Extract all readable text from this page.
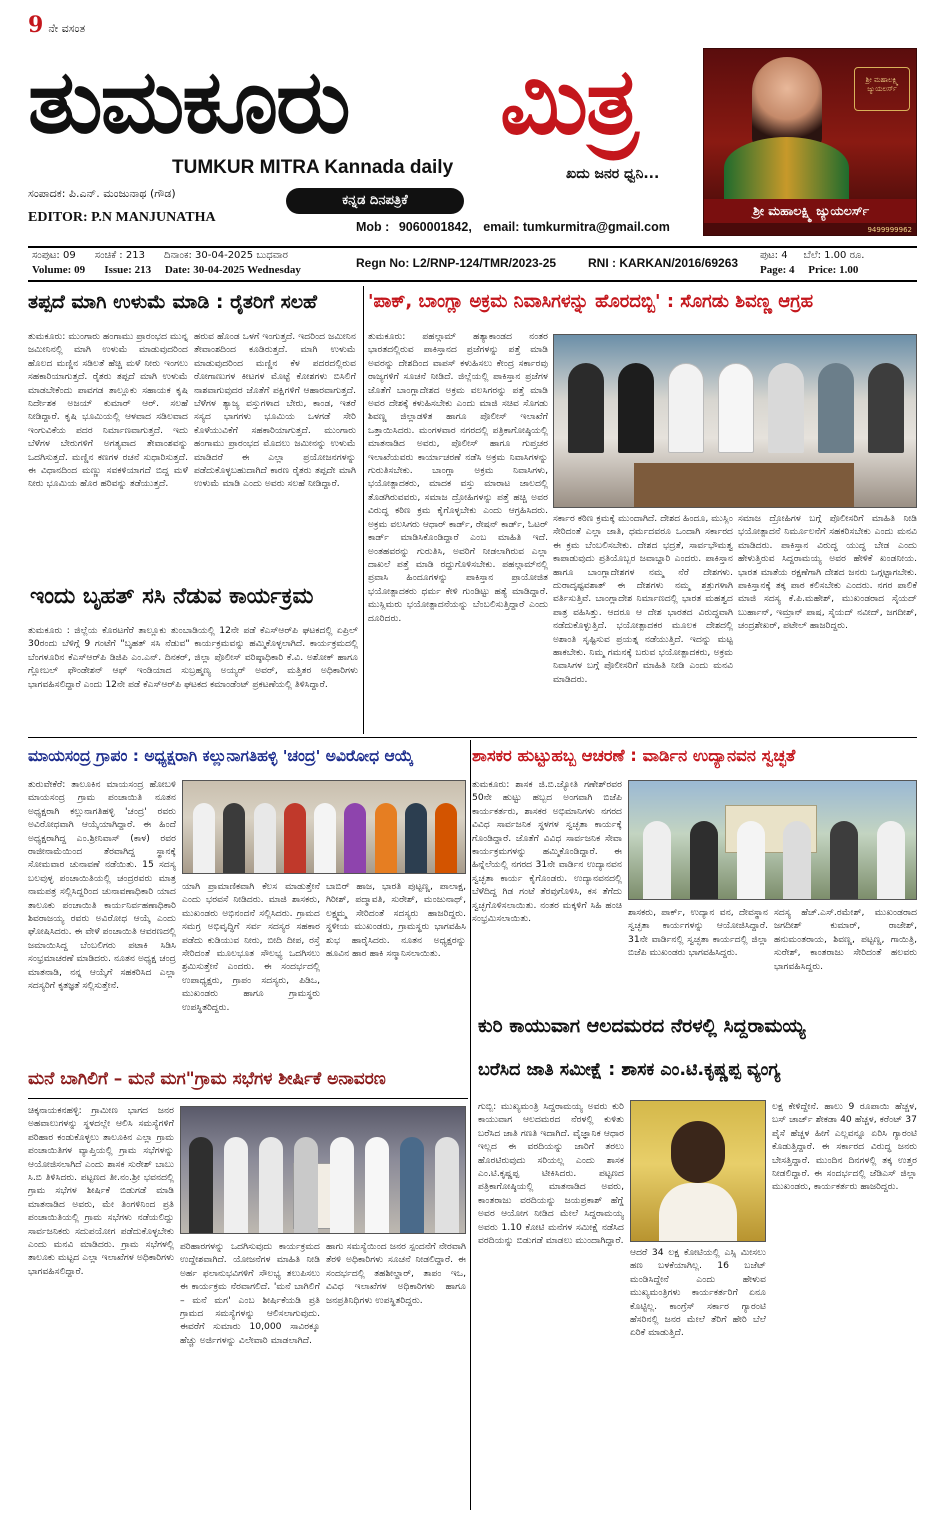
9 ನೇ ವಸಂತ
ತುಮಕೂರು ಮಿತ್ರ
TUMKUR MITRA Kannada daily	ಖದು ಜನರ ಧ್ವನಿ...
ಸಂಪಾದಕ: ಪಿ.ಎನ್. ಮಂಜುನಾಥ (ಗೌಡ)
EDITOR: P.N MANJUNATHA
ಕನ್ನಡ ದಿನಪತ್ರಿಕೆ
Mob : 9060001842, email: tumkurmitra@gmail.com
ಶ್ರೀ ಮಹಾಲಕ್ಷ್ಮಿ ಜ್ಯುಯಲರ್ಸ್
ಶ್ರೀ ಮಹಾಲಕ್ಷ್ಮಿ ಜ್ಯುಯಲರ್ಸ್
9499999962
ಸಂಪುಟ: 09      ಸಂಚಿಕೆ : 213      ದಿನಾಂಕ: 30-04-2025 ಬುಧವಾರ
Volume: 09       Issue: 213     Date: 30-04-2025 Wednesday	Regn No: L2/RNP-124/TMR/2023-25	RNI : KARKAN/2016/69263
ಪುಟ: 4     ಬೆಲೆ: 1.00 ರೂ.
Page: 4     Price: 1.00
ತಪ್ಪದೆ ಮಾಗಿ ಉಳುಮೆ ಮಾಡಿ : ರೈತರಿಗೆ ಸಲಹೆ
ತುಮಕೂರು: ಮುಂಗಾರು ಹಂಗಾಮು ಪ್ರಾರಂಭದ ಮುನ್ನ ಜಮೀನಿನಲ್ಲಿ ಮಾಗಿ ಉಳುಮೆ ಮಾಡುವುದರಿಂದ ಹೊಲದ ಮಣ್ಣಿನ ಸಡಿಲತೆ ಹೆಚ್ಚಿ ಮಳೆ ನೀರು ಇಂಗಲು ಸಹಕಾರಿಯಾಗುತ್ತದೆ. ರೈತರು ತಪ್ಪದೆ ಮಾಗಿ ಉಳುಮೆ ಮಾಡಬೇಕೆಂದು ಪಾವಗಡ ತಾಲ್ಲೂಕು ಸಹಾಯಕ ಕೃಷಿ ನಿರ್ದೇಶಕ ಅಜಯ್ ಕುಮಾರ್ ಆರ್. ಸಲಹೆ ನೀಡಿದ್ದಾರೆ. ಕೃಷಿ ಭೂಮಿಯಲ್ಲಿ ಆಳವಾದ ಸಡಿಲವಾದ ಇಂಗುವಿಕೆಯ ಪದರ ನಿರ್ಮಾಣವಾಗುತ್ತದೆ. ಇದು ಬೆಳೆಗಳ ಬೇರುಗಳಿಗೆ ಅಗತ್ಯವಾದ ತೇವಾಂಶವನ್ನು ಒದಗಿಸುತ್ತದೆ. ಮಣ್ಣಿನ ಕಣಗಳ ರಚನೆ ಸುಧಾರಿಸುತ್ತದೆ. ಈ ವಿಧಾನದಿಂದ ಮಣ್ಣು ಸವಕಳಿಯಾಗದೆ ಬಿದ್ದ ಮಳೆ ನೀರು ಭೂಮಿಯ ಹೊರ ಹರಿವನ್ನು ತಡೆಯುತ್ತದೆ.
ಹರುವ ಹೊಂಡ ಒಳಗೆ ಇಂಗುತ್ತದೆ. ಇದರಿಂದ ಜಮೀನಿನ ತೇವಾಂಶದಿಂದ ಕೂಡಿರುತ್ತದೆ. ಮಾಗಿ ಉಳುಮೆ ಮಾಡುವುದರಿಂದ ಮಣ್ಣಿನ ಕೆಳ ಪದರದಲ್ಲಿರುವ ರೋಗಾಣುಗಳ ಕೀಟಗಳ ಮೊಟ್ಟೆ ಕೋಶಗಳು ಬಿಸಿಲಿಗೆ ನಾಶವಾಗುವುದರ ಜೊತೆಗೆ ಪಕ್ಷಿಗಳಿಗೆ ಆಹಾರವಾಗುತ್ತದೆ. ಬೆಳೆಗಳ ತ್ಯಾಜ್ಯ ವಸ್ತುಗಳಾದ ಬೇರು, ಕಾಂಡ, ಇತರೆ ಸಸ್ಯದ ಭಾಗಗಳು ಭೂಮಿಯ ಒಳಗಡೆ ಸೇರಿ ಕೊಳೆಯುವಿಕೆಗೆ ಸಹಕಾರಿಯಾಗುತ್ತದೆ. ಮುಂಗಾರು ಹಂಗಾಮು ಪ್ರಾರಂಭದ ಮೊದಲು ಜಮೀನನ್ನು ಉಳುಮೆ ಮಾಡಿದರೆ ಈ ಎಲ್ಲಾ ಪ್ರಯೋಜನಗಳನ್ನು ಪಡೆದುಕೊಳ್ಳಬಹುದಾಗಿದೆ ಕಾರಣ ರೈತರು ತಪ್ಪದೇ ಮಾಗಿ ಉಳುಮೆ ಮಾಡಿ ಎಂದು ಅವರು ಸಲಹೆ ನೀಡಿದ್ದಾರೆ.
ಇಂದು ಬೃಹತ್ ಸಸಿ ನೆಡುವ ಕಾರ್ಯಕ್ರಮ
ತುಮಕೂರು : ಜಿಲ್ಲೆಯ ಕೊರಟಗೆರೆ ತಾಲ್ಲೂಕು ತುಂಬಾಡಿಯಲ್ಲಿ 12ನೇ ಪಡೆ ಕೆಎಸ್‌ಆರ್‌ಪಿ ಘಟಕದಲ್ಲಿ ಏಪ್ರಿಲ್ 30ರಂದು ಬೆಳಿಗ್ಗೆ 9 ಗಂಟೆಗೆ "ಬೃಹತ್ ಸಸಿ ನೆಡುವ" ಕಾರ್ಯಕ್ರಮವನ್ನು ಹಮ್ಮಿಕೊಳ್ಳಲಾಗಿದೆ. ಕಾರ್ಯಕ್ರಮದಲ್ಲಿ ಬೆಂಗಳೂರಿನ ಕೆಎಸ್‌ಆರ್‌ಪಿ ಡಿಜಿಪಿ ಎಂ.ಎನ್. ದಿನಕರ್, ಜಿಲ್ಲಾ ಪೊಲೀಸ್ ವರಿಷ್ಠಾಧಿಕಾರಿ ಕೆ.ವಿ. ಅಶೋಕ್ ಹಾಗೂ ಗ್ಲೋಬಲ್ ಫೌಂಡೇಶನ್ ಆಫ್ ಇಂಡಿಯಾದ ಸುಬ್ರಹ್ಮಣ್ಯ ಅಯ್ಯರ್ ಅವರ್, ಮತ್ತಿತರ ಅಧಿಕಾರಿಗಳು ಭಾಗವಹಿಸಲಿದ್ದಾರೆ ಎಂದು 12ನೇ ಪಡೆ ಕೆಎಸ್‌ಆರ್‌ಪಿ ಘಟಕದ ಕಮಾಂಡೆಂಟ್ ಪ್ರಕಟಣೆಯಲ್ಲಿ ತಿಳಿಸಿದ್ದಾರೆ.
'ಪಾಕ್, ಬಾಂಗ್ಲಾ ಅಕ್ರಮ ನಿವಾಸಿಗಳನ್ನು ಹೊರದಬ್ಬಿ' : ಸೊಗಡು ಶಿವಣ್ಣ ಆಗ್ರಹ
ತುಮಕೂರು: ಪಹಲ್ಗಾಮ್ ಹತ್ಯಾಕಾಂಡದ ನಂತರ ಭಾರತದಲ್ಲಿರುವ ಪಾಕಿಸ್ತಾನದ ಪ್ರಜೆಗಳನ್ನು ಪತ್ತೆ ಮಾಡಿ ಅವರನ್ನು ದೇಶದಿಂದ ವಾಪಸ್ ಕಳುಹಿಸಲು ಕೇಂದ್ರ ಸರ್ಕಾರವು ರಾಜ್ಯಗಳಿಗೆ ಸೂಚನೆ ನೀಡಿದೆ. ಜಿಲ್ಲೆಯಲ್ಲಿ ಪಾಕಿಸ್ತಾನ ಪ್ರಜೆಗಳ ಜೊತೆಗೆ ಬಾಂಗ್ಲಾದೇಶದ ಅಕ್ರಮ ವಲಸಿಗರನ್ನು ಪತ್ತೆ ಮಾಡಿ ಅವರ ದೇಶಕ್ಕೆ ಕಳುಹಿಸಬೇಕು ಎಂದು ಮಾಜಿ ಸಚಿವ ಸೊಗಡು ಶಿವಣ್ಣ ಜಿಲ್ಲಾಡಳಿತ ಹಾಗೂ ಪೊಲೀಸ್ ಇಲಾಖೆಗೆ ಒತ್ತಾಯಿಸಿದರು. ಮಂಗಳವಾರ ನಗರದಲ್ಲಿ ಪತ್ರಿಕಾಗೋಷ್ಠಿಯಲ್ಲಿ ಮಾತನಾಡಿದ ಅವರು, ಪೊಲೀಸ್ ಹಾಗೂ ಗುಪ್ತಚರ ಇಲಾಖೆಯವರು ಕಾರ್ಯಾಚರಣೆ ನಡೆಸಿ ಅಕ್ರಮ ನಿವಾಸಿಗಳನ್ನು ಗುರುತಿಸಬೇಕು. ಬಾಂಗ್ಲಾ ಅಕ್ರಮ ನಿವಾಸಿಗಳು, ಭಯೋತ್ಪಾದಕರು, ಮಾದಕ ವಸ್ತು ಮಾರಾಟ ಜಾಲದಲ್ಲಿ ತೊಡಗಿರುವವರು, ಸಮಾಜ ದ್ರೋಹಿಗಳನ್ನು ಪತ್ತೆ ಹಚ್ಚಿ ಅವರ ವಿರುದ್ಧ ಕಠಿಣ ಕ್ರಮ ಕೈಗೊಳ್ಳಬೇಕು ಎಂದು ಆಗ್ರಹಿಸಿದರು. ಅಕ್ರಮ ವಲಸಿಗರು ಆಧಾರ್ ಕಾರ್ಡ್, ರೇಷನ್ ಕಾರ್ಡ್, ಓಟರ್ ಕಾರ್ಡ್ ಮಾಡಿಸಿಕೊಂಡಿದ್ದಾರೆ ಎಂಬ ಮಾಹಿತಿ ಇದೆ. ಅಂತಹವರನ್ನು ಗುರುತಿಸಿ, ಅವರಿಗೆ ನೀಡಲಾಗಿರುವ ಎಲ್ಲಾ ದಾಖಲೆ ಪತ್ತೆ ಮಾಡಿ ರದ್ದುಗೊಳಿಸಬೇಕು. ಪಹಲ್ಗಾಮ್‌ನಲ್ಲಿ ಪ್ರವಾಸಿ ಹಿಂದೂಗಳನ್ನು ಪಾಕಿಸ್ತಾನ ಪ್ರಾಯೋಜಿತ ಭಯೋತ್ಪಾದಕರು ಧರ್ಮ ಕೇಳಿ ಗುಂಡಿಟ್ಟು ಹತ್ಯೆ ಮಾಡಿದ್ದಾರೆ. ಮುಸ್ಲಿಮರು ಭಯೋತ್ಪಾದನೆಯನ್ನು ಬೆಂಬಲಿಸುತ್ತಿದ್ದಾರೆ ಎಂದು ದೂರಿದರು.
ಸರ್ಕಾರ ಕಠಿಣ ಕ್ರಮಕ್ಕೆ ಮುಂದಾಗಿದೆ. ದೇಶದ ಹಿಂದೂ, ಮುಸ್ಲಿಂ ಸೇರಿದಂತೆ ಎಲ್ಲಾ ಜಾತಿ, ಧರ್ಮದವರೂ ಒಂದಾಗಿ ಸರ್ಕಾರದ ಈ ಕ್ರಮ ಬೆಂಬಲಿಸಬೇಕು. ದೇಶದ ಭದ್ರತೆ, ಸಾರ್ವಭೌಮತ್ವ ಕಾಪಾಡುವುದು ಪ್ರತಿಯೊಬ್ಬರ ಜವಾಬ್ದಾರಿ ಎಂದರು. ಪಾಕಿಸ್ತಾನ ಹಾಗೂ ಬಾಂಗ್ಲಾದೇಶಗಳ ನಮ್ಮ ನೆರೆ ದೇಶಗಳು. ದುರಾದೃಷ್ಟವಶಾತ್ ಈ ದೇಶಗಳು ನಮ್ಮ ಶತ್ರುಗಳಾಗಿ ವರ್ತಿಸುತ್ತಿವೆ. ಬಾಂಗ್ಲಾದೇಶ ನಿರ್ಮಾಣದಲ್ಲಿ ಭಾರತ ಮಹತ್ವದ ಪಾತ್ರ ವಹಿಸಿತ್ತು. ಆದರೂ ಆ ದೇಶ ಭಾರತದ ವಿರುದ್ಧವಾಗಿ ನಡೆದುಕೊಳ್ಳುತ್ತಿದೆ. ಭಯೋತ್ಪಾದಕರ ಮೂಲಕ ದೇಶದಲ್ಲಿ ಅಶಾಂತಿ ಸೃಷ್ಟಿಸುವ ಪ್ರಯತ್ನ ನಡೆಯುತ್ತಿದೆ. ಇದನ್ನು ಮಟ್ಟ ಹಾಕಬೇಕು. ನಿಮ್ಮ ಗಮನಕ್ಕೆ ಬರುವ ಭಯೋತ್ಪಾದಕರು, ಅಕ್ರಮ ನಿವಾಸಿಗಳ ಬಗ್ಗೆ ಪೊಲೀಸರಿಗೆ ಮಾಹಿತಿ ನೀಡಿ ಎಂದು ಮನವಿ ಮಾಡಿದರು.
ಸಮಾಜ ದ್ರೋಹಿಗಳ ಬಗ್ಗೆ ಪೊಲೀಸರಿಗೆ ಮಾಹಿತಿ ನೀಡಿ ಭಯೋತ್ಪಾದನೆ ನಿರ್ಮೂಲನೆಗೆ ಸಹಕರಿಸಬೇಕು ಎಂದು ಮನವಿ ಮಾಡಿದರು. ಪಾಕಿಸ್ತಾನ ವಿರುದ್ಧ ಯುದ್ಧ ಬೇಡ ಎಂದು ಹೇಳುತ್ತಿರುವ ಸಿದ್ದರಾಮಯ್ಯ ಅವರ ಹೇಳಿಕೆ ಖಂಡನೀಯ. ಭಾರತ ಮಾತೆಯ ರಕ್ಷಣೆಗಾಗಿ ದೇಶದ ಜನರು ಒಗ್ಗಟ್ಟಾಗಬೇಕು. ಪಾಕಿಸ್ತಾನಕ್ಕೆ ತಕ್ಕ ಪಾಠ ಕಲಿಸಬೇಕು ಎಂದರು. ನಗರ ಪಾಲಿಕೆ ಮಾಜಿ ಸದಸ್ಯ ಕೆ.ಪಿ.ಮಹೇಶ್, ಮುಖಂಡರಾದ ಸೈಯದ್ ಬುರ್ಹಾನ್, ಇಮ್ರಾನ್ ಪಾಷ, ಸೈಯದ್ ನವೀದ್, ಜಗದೀಶ್, ಚಂದ್ರಶೇಖರ್, ಪಟೇಲ್ ಹಾಜರಿದ್ದರು.
ಮಾಯಸಂದ್ರ ಗ್ರಾಪಂ : ಅಧ್ಯಕ್ಷರಾಗಿ ಕಲ್ಲುನಾಗತಿಹಳ್ಳಿ 'ಚಂದ್ರ' ಅವಿರೋಧ ಆಯ್ಕೆ
ತುರುವೇಕೆರೆ: ತಾಲೂಕಿನ ಮಾಯಸಂದ್ರ ಹೋಬಳಿ ಮಾಯಸಂದ್ರ ಗ್ರಾಮ ಪಂಚಾಯಿತಿ ನೂತನ ಅಧ್ಯಕ್ಷರಾಗಿ ಕಲ್ಲುನಾಗತಿಹಳ್ಳಿ 'ಚಂದ್ರ' ರವರು ಅವಿರೋಧವಾಗಿ ಆಯ್ಕೆಯಾಗಿದ್ದಾರೆ. ಈ ಹಿಂದೆ ಅಧ್ಯಕ್ಷರಾಗಿದ್ದ ಎಂ.ಶ್ರೀನಿವಾಸ್ (ಕಾಳ) ರವರ ರಾಜೀನಾಮೆಯಿಂದ ತೆರವಾಗಿದ್ದ ಸ್ಥಾನಕ್ಕೆ ಸೋಮವಾರ ಚುನಾವಣೆ ನಡೆಯಿತು. 15 ಸದಸ್ಯ ಬಲವುಳ್ಳ ಪಂಚಾಯಿತಿಯಲ್ಲಿ ಚಂದ್ರರವರು ಮಾತ್ರ ನಾಮಪತ್ರ ಸಲ್ಲಿಸಿದ್ದರಿಂದ ಚುನಾವಣಾಧಿಕಾರಿ ಯಾದ ತಾಲೂಕು ಪಂಚಾಯಿತಿ ಕಾರ್ಯನಿರ್ವಹಣಾಧಿಕಾರಿ ಶಿವರಾಜಯ್ಯ ರವರು ಅವಿರೋಧ ಆಯ್ಕೆ ಎಂದು ಘೋಷಿಸಿದರು. ಈ ವೇಳೆ ಪಂಚಾಯಿತಿ ಆವರಣದಲ್ಲಿ ಜಮಾಯಿಸಿದ್ದ ಬೆಂಬಲಿಗರು ಪಟಾಕಿ ಸಿಡಿಸಿ ಸಂಭ್ರಮಾಚರಣೆ ಮಾಡಿದರು. ನೂತನ ಅಧ್ಯಕ್ಷ ಚಂದ್ರ ಮಾತನಾಡಿ, ನನ್ನ ಆಯ್ಕೆಗೆ ಸಹಕರಿಸಿದ ಎಲ್ಲಾ ಸದಸ್ಯರಿಗೆ ಕೃತಜ್ಞತೆ ಸಲ್ಲಿಸುತ್ತೇನೆ.
ಯಾಗಿ ಪ್ರಾಮಾಣಿಕವಾಗಿ ಕೆಲಸ ಮಾಡುತ್ತೇನೆ ಎಂದು ಭರವಸೆ ನೀಡಿದರು. ಮಾಜಿ ಶಾಸಕರು, ಮುಖಂಡರು ಅಭಿನಂದನೆ ಸಲ್ಲಿಸಿದರು. ಗ್ರಾಮದ ಸಮಗ್ರ ಅಭಿವೃದ್ಧಿಗೆ ಸರ್ವ ಸದಸ್ಯರ ಸಹಕಾರ ಪಡೆದು ಕುಡಿಯುವ ನೀರು, ಬೀದಿ ದೀಪ, ರಸ್ತೆ ಸೇರಿದಂತೆ ಮೂಲಭೂತ ಸೌಲಭ್ಯ ಒದಗಿಸಲು ಶ್ರಮಿಸುತ್ತೇನೆ ಎಂದರು. ಈ ಸಂದರ್ಭದಲ್ಲಿ ಉಪಾಧ್ಯಕ್ಷರು, ಗ್ರಾಪಂ ಸದಸ್ಯರು, ಪಿಡಿಒ, ಮುಖಂಡರು ಹಾಗೂ ಗ್ರಾಮಸ್ಥರು ಉಪಸ್ಥಿತರಿದ್ದರು.
ಬಾಬಿರ್ ಹಾಜ, ಭಾರತಿ ಪುಟ್ಟಣ್ಣ, ಪಾಲಾಕ್ಷ, ಗಿರೀಶ್, ಪದ್ಮಾವತಿ, ಸುರೇಶ್, ಮಂಜುನಾಥ್, ಲಕ್ಷ್ಮಮ್ಮ ಸೇರಿದಂತೆ ಸದಸ್ಯರು ಹಾಜರಿದ್ದರು. ಸ್ಥಳೀಯ ಮುಖಂಡರು, ಗ್ರಾಮಸ್ಥರು ಭಾಗವಹಿಸಿ ಶುಭ ಹಾರೈಸಿದರು. ನೂತನ ಅಧ್ಯಕ್ಷರನ್ನು ಹೂವಿನ ಹಾರ ಹಾಕಿ ಸನ್ಮಾನಿಸಲಾಯಿತು.
ಶಾಸಕರ ಹುಟ್ಟುಹಬ್ಬ ಆಚರಣೆ : ವಾರ್ಡಿನ ಉದ್ಯಾನವನ ಸ್ವಚ್ಛತೆ
ತುಮಕೂರು: ಶಾಸಕ ಜಿ.ಬಿ.ಜ್ಯೋತಿ ಗಣೇಶ್‌ರವರ 50ನೇ ಹುಟ್ಟು ಹಬ್ಬದ ಅಂಗವಾಗಿ ಬಿಜೆಪಿ ಕಾರ್ಯಕರ್ತರು, ಶಾಸಕರ ಅಭಿಮಾನಿಗಳು ನಗರದ ವಿವಿಧ ಸಾರ್ವಜನಿಕ ಸ್ಥಳಗಳ ಸ್ವಚ್ಛತಾ ಕಾರ್ಯಕ್ಕೆ ಗೊಂಡಿದ್ದಾರೆ. ಜೊತೆಗೆ ವಿವಿಧ ಸಾರ್ವಜನಿಕ ಸೇವಾ ಕಾರ್ಯಕ್ರಮಗಳನ್ನು ಹಮ್ಮಿಕೊಂಡಿದ್ದಾರೆ. ಈ ಹಿನ್ನೆಲೆಯಲ್ಲಿ ನಗರದ 31ನೇ ವಾರ್ಡಿನ ಉದ್ಯಾನವನ ಸ್ವಚ್ಛತಾ ಕಾರ್ಯ ಕೈಗೊಂಡರು. ಉದ್ಯಾನವನದಲ್ಲಿ ಬೆಳೆದಿದ್ದ ಗಿಡ ಗಂಟೆ ತೆರವುಗೊಳಿಸಿ, ಕಸ ತೆಗೆದು ಸ್ವಚ್ಛಗೊಳಿಸಲಾಯಿತು. ನಂತರ ಮಕ್ಕಳಿಗೆ ಸಿಹಿ ಹಂಚಿ ಸಂಭ್ರಮಿಸಲಾಯಿತು.
ಶಾಸಕರು, ಪಾರ್ಕ್, ಉದ್ಯಾನ ವನ, ದೇವಸ್ಥಾನ ಸ್ವಚ್ಛತಾ ಕಾರ್ಯಗಳನ್ನು ಆಯೋಜಿಸಿದ್ದಾರೆ. 31ನೇ ವಾರ್ಡಿನಲ್ಲಿ ಸ್ವಚ್ಛತಾ ಕಾರ್ಯದಲ್ಲಿ ಜಿಲ್ಲಾ ಬಿಜೆಪಿ ಮುಖಂಡರು ಭಾಗವಹಿಸಿದ್ದರು.
ಸದಸ್ಯ ಹೆಚ್.ಎಸ್.ರಮೇಶ್, ಮುಖಂಡರಾದ ಜಗದೀಶ್ ಕುಮಾರ್, ರಾಜೇಶ್, ಹನುಮಂತರಾಯ, ಶಿವಣ್ಣ, ಪಟ್ಟಣ್ಣ, ಗಾಯಿತ್ರಿ, ಸುರೇಶ್, ಕಾಂತರಾಜು ಸೇರಿದಂತೆ ಹಲವರು ಭಾಗವಹಿಸಿದ್ದರು.
ಕುರಿ ಕಾಯುವಾಗ ಆಲದಮರದ ನೆರಳಲ್ಲಿ ಸಿದ್ದರಾಮಯ್ಯ
ಬರೆಸಿದ ಜಾತಿ ಸಮೀಕ್ಷೆ : ಶಾಸಕ ಎಂ.ಟಿ.ಕೃಷ್ಣಪ್ಪ ವ್ಯಂಗ್ಯ
ಮನೆ ಬಾಗಿಲಿಗೆ – ಮನೆ ಮಗ"ಗ್ರಾಮ ಸಭೆಗಳ ಶೀರ್ಷಿಕೆ ಅನಾವರಣ
ಚಿಕ್ಕನಾಯಕನಹಳ್ಳಿ: ಗ್ರಾಮೀಣ ಭಾಗದ ಜನರ ಅಹವಾಲುಗಳನ್ನು ಸ್ಥಳದಲ್ಲೇ ಆಲಿಸಿ ಸಮಸ್ಯೆಗಳಿಗೆ ಪರಿಹಾರ ಕಂಡುಕೊಳ್ಳಲು ತಾಲೂಕಿನ ಎಲ್ಲಾ ಗ್ರಾಮ ಪಂಚಾಯಿತಿಗಳ ವ್ಯಾಪ್ತಿಯಲ್ಲಿ ಗ್ರಾಮ ಸಭೆಗಳನ್ನು ಆಯೋಜಿಸಲಾಗಿದೆ ಎಂದು ಶಾಸಕ ಸುರೇಶ್ ಬಾಬು ಸಿ.ಬಿ ತಿಳಿಸಿದರು. ಪಟ್ಟಣದ ತೀ.ನಂ.ಶ್ರೀ ಭವನದಲ್ಲಿ ಗ್ರಾಮ ಸಭೆಗಳ ಶೀರ್ಷಿಕೆ ಬಿಡುಗಡೆ ಮಾಡಿ ಮಾತನಾಡಿದ ಅವರು, ಮೇ ತಿಂಗಳಿನಿಂದ ಪ್ರತಿ ಪಂಚಾಯಿತಿಯಲ್ಲಿ ಗ್ರಾಮ ಸಭೆಗಳು ನಡೆಯಲಿದ್ದು ಸಾರ್ವಜನಿಕರು ಸದುಪಯೋಗ ಪಡೆದುಕೊಳ್ಳಬೇಕು ಎಂದು ಮನವಿ ಮಾಡಿದರು. ಗ್ರಾಮ ಸಭೆಗಳಲ್ಲಿ ತಾಲೂಕು ಮಟ್ಟದ ಎಲ್ಲಾ ಇಲಾಖೆಗಳ ಅಧಿಕಾರಿಗಳು ಭಾಗವಹಿಸಲಿದ್ದಾರೆ.
ಪರಿಹಾರಗಳನ್ನು ಒದಗಿಸುವುದು ಕಾರ್ಯಕ್ರಮದ ಉದ್ದೇಶವಾಗಿದೆ. ಯೋಜನೆಗಳ ಮಾಹಿತಿ ನೀಡಿ ಅರ್ಹ ಫಲಾನುಭವಿಗಳಿಗೆ ಸೌಲಭ್ಯ ತಲುಪಿಸಲು ಈ ಕಾರ್ಯಕ್ರಮ ನೆರವಾಗಲಿದೆ. 'ಮನೆ ಬಾಗಿಲಿಗೆ – ಮನೆ ಮಗ' ಎಂಬ ಶೀರ್ಷಿಕೆಯಡಿ ಪ್ರತಿ ಗ್ರಾಮದ ಸಮಸ್ಯೆಗಳನ್ನು ಆಲಿಸಲಾಗುವುದು. ಈವರೆಗೆ ಸುಮಾರು 10,000 ಸಾವಿರಕ್ಕೂ ಹೆಚ್ಚು ಅರ್ಜಿಗಳನ್ನು ವಿಲೇವಾರಿ ಮಾಡಲಾಗಿದೆ.
ಹಾಗು ಸಮಸ್ಯೆಯಿಂದ ಜನರ ಸ್ಪಂದನೆಗೆ ನೇರವಾಗಿ ತೆರಳಿ ಅಧಿಕಾರಿಗಳು ಸೂಚನೆ ನೀಡಲಿದ್ದಾರೆ. ಈ ಸಂದರ್ಭದಲ್ಲಿ ತಹಶೀಲ್ದಾರ್, ತಾಪಂ ಇಒ, ವಿವಿಧ ಇಲಾಖೆಗಳ ಅಧಿಕಾರಿಗಳು ಹಾಗೂ ಜನಪ್ರತಿನಿಧಿಗಳು ಉಪಸ್ಥಿತರಿದ್ದರು.
ಗುಬ್ಬಿ: ಮುಖ್ಯಮಂತ್ರಿ ಸಿದ್ದರಾಮಯ್ಯ ಅವರು ಕುರಿ ಕಾಯುವಾಗ ಆಲದಮರದ ನೆರಳಲ್ಲಿ ಕುಳಿತು ಬರೆಸಿದ ಜಾತಿ ಗಣತಿ ಇದಾಗಿದೆ. ವೈಜ್ಞಾನಿಕ ಆಧಾರ ಇಲ್ಲದ ಈ ವರದಿಯನ್ನು ಜಾರಿಗೆ ತರಲು ಹೊರಟಿರುವುದು ಸರಿಯಲ್ಲ ಎಂದು ಶಾಸಕ ಎಂ.ಟಿ.ಕೃಷ್ಣಪ್ಪ ಟೀಕಿಸಿದರು. ಪಟ್ಟಣದ ಪತ್ರಿಕಾಗೋಷ್ಠಿಯಲ್ಲಿ ಮಾತನಾಡಿದ ಅವರು, ಕಾಂತರಾಜು ವರದಿಯನ್ನು ಜಯಪ್ರಕಾಶ್ ಹೆಗ್ಡೆ ಅವರ ಆಯೋಗ ನೀಡಿದ ಮೇಲೆ ಸಿದ್ದರಾಮಯ್ಯ ಅವರು 1.10 ಕೋಟಿ ಮನೆಗಳ ಸಮೀಕ್ಷೆ ನಡೆಸಿದ ವರದಿಯನ್ನು ಬಿಡುಗಡೆ ಮಾಡಲು ಮುಂದಾಗಿದ್ದಾರೆ.
ಆದರೆ 34 ಲಕ್ಷ ಕೋಟಿಯಲ್ಲಿ ಎಸ್ಸಿ ಮೀಸಲು ಹಣ ಬಳಕೆಯಾಗಿಲ್ಲ. 16 ಬಜೆಟ್ ಮಂಡಿಸಿದ್ದೇನೆ ಎಂದು ಹೇಳುವ ಮುಖ್ಯಮಂತ್ರಿಗಳು ಕಾರ್ಯಕರ್ತರಿಗೆ ಏನೂ ಕೊಟ್ಟಿಲ್ಲ. ಕಾಂಗ್ರೆಸ್ ಸರ್ಕಾರ ಗ್ಯಾರಂಟಿ ಹೆಸರಿನಲ್ಲಿ ಜನರ ಮೇಲೆ ತೆರಿಗೆ ಹೇರಿ ಬೆಲೆ ಏರಿಕೆ ಮಾಡುತ್ತಿದೆ.
ಲಕ್ಷ ಕೇಳಿದ್ದೇನೆ. ಹಾಲು 9 ರೂಪಾಯಿ ಹೆಚ್ಚಳ, ಬಸ್ ಚಾರ್ಜ್ ಶೇಕಡಾ 40 ಹೆಚ್ಚಳ, ಕರೆಂಟ್ 37 ಪೈಸೆ ಹೆಚ್ಚಳ ಹೀಗೆ ಎಲ್ಲವನ್ನೂ ಏರಿಸಿ ಗ್ಯಾರಂಟಿ ಕೊಡುತ್ತಿದ್ದಾರೆ. ಈ ಸರ್ಕಾರದ ವಿರುದ್ಧ ಜನರು ಬೇಸತ್ತಿದ್ದಾರೆ. ಮುಂದಿನ ದಿನಗಳಲ್ಲಿ ತಕ್ಕ ಉತ್ತರ ನೀಡಲಿದ್ದಾರೆ. ಈ ಸಂದರ್ಭದಲ್ಲಿ ಜೆಡಿಎಸ್ ಜಿಲ್ಲಾ ಮುಖಂಡರು, ಕಾರ್ಯಕರ್ತರು ಹಾಜರಿದ್ದರು.
